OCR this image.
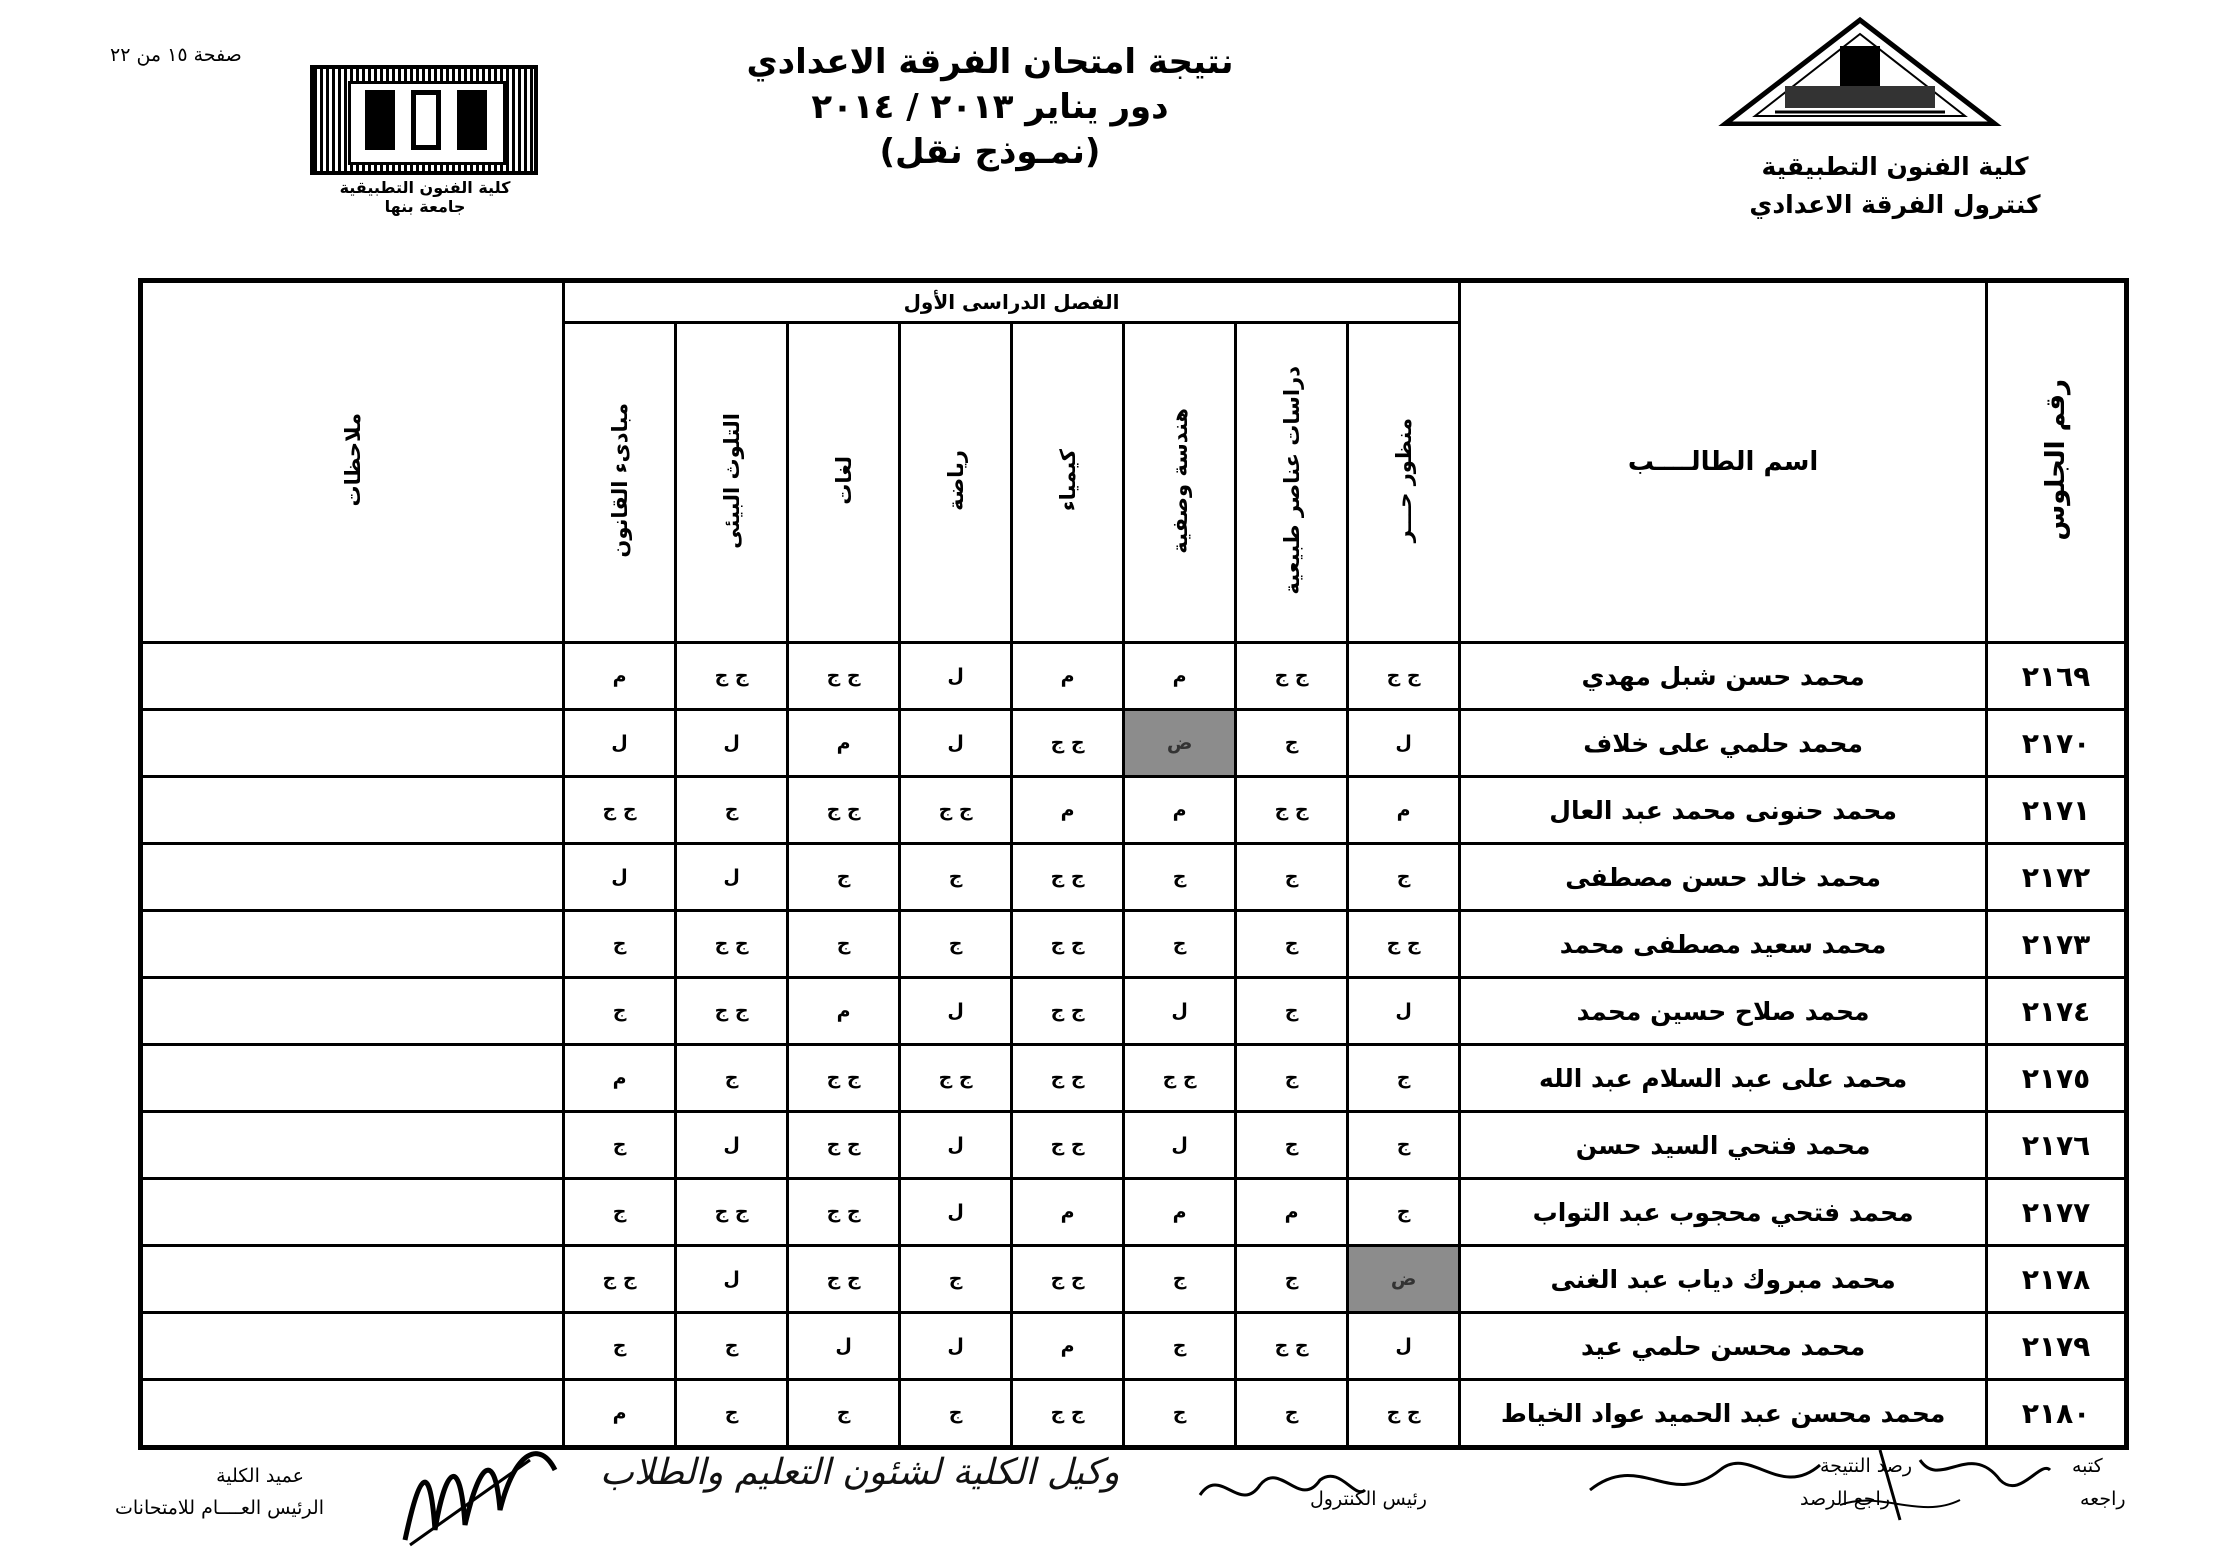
صفحة ١٥ من ٢٢	نتيجة امتحان الفرقة الاعدادي
دور يناير ٢٠١٣ / ٢٠١٤
(نمـوذج نقل)
كلية الفنون التطبيقية
جامعة بنها
كلية الفنون التطبيقية
كنترول الفرقة الاعدادي
رقم الجلوس	اسم الطالــــب	الفصل الدراسى الأول								ملاحظات
		منظور حـــر	دراسات عناصر طبيعية	هندسة وصفية	كيمياء	رياضة	لغات	التلوث البيئى	مبادىء القانون	
٢١٦٩	محمد حسن شبل مهدي	ج ج	ج ج	م	م	ل	ج ج	ج ج	م	
٢١٧٠	محمد حلمي على خلاف	ل	ج	ض	ج ج	ل	م	ل	ل	
٢١٧١	محمد حنونى محمد عبد العال	م	ج ج	م	م	ج ج	ج ج	ج	ج ج	
٢١٧٢	محمد خالد حسن مصطفى	ج	ج	ج	ج ج	ج	ج	ل	ل	
٢١٧٣	محمد سعيد مصطفى محمد	ج ج	ج	ج	ج ج	ج	ج	ج ج	ج	
٢١٧٤	محمد صلاح حسين محمد	ل	ج	ل	ج ج	ل	م	ج ج	ج	
٢١٧٥	محمد على عبد السلام عبد الله	ج	ج	ج ج	ج ج	ج ج	ج ج	ج	م	
٢١٧٦	محمد فتحي السيد حسن	ج	ج	ل	ج ج	ل	ج ج	ل	ج	
٢١٧٧	محمد فتحي محجوب عبد التواب	ج	م	م	م	ل	ج ج	ج ج	ج	
٢١٧٨	محمد مبروك دياب عبد الغنى	ض	ج	ج	ج ج	ج	ج ج	ل	ج ج	
٢١٧٩	محمد محسن حلمي عيد	ل	ج ج	ج	م	ل	ل	ج	ج	
٢١٨٠	محمد محسن عبد الحميد عواد الخياط	ج ج	ج	ج	ج ج	ج	ج	ج	م	
كتبه
راجعه
رصد النتيجة
راجع الرصد
رئيس الكنترول
عميد الكلية
الرئيس العــــام للامتحانات
وكيل الكلية لشئون التعليم والطلاب
